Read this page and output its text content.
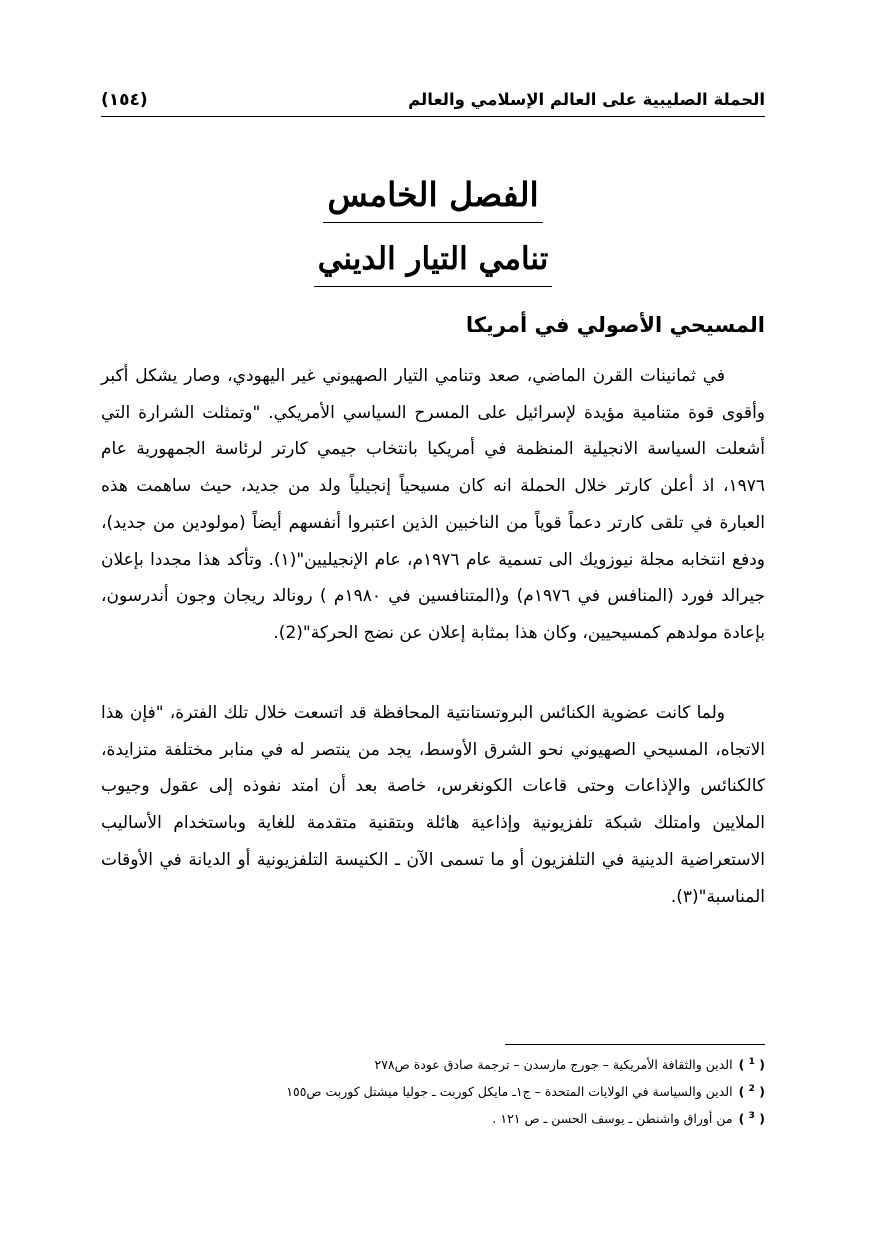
الحملة الصليبية على العالم الإسلامي والعالم
(١٥٤)
الفصل الخامس
تنامي التيار الديني
المسيحي الأصولي في أمريكا

في ثمانينات القرن الماضي، صعد وتنامي التيار الصهيوني غير اليهودي، وصار يشكل أكبر وأقوى قوة متنامية مؤيدة لإسرائيل على المسرح السياسي الأمريكي. "وتمثلت الشرارة التي أشعلت السياسة الانجيلية المنظمة في أمريكيا بانتخاب جيمي كارتر لرئاسة الجمهورية عام ١٩٧٦، اذ أعلن كارتر خلال الحملة انه كان مسيحياً إنجيلياً ولد من جديد، حيث ساهمت هذه العبارة في تلقى كارتر دعماً قوياً من الناخبين الذين اعتبروا أنفسهم أيضاً (مولودين من جديد)، ودفع انتخابه مجلة نيوزويك الى تسمية عام ١٩٧٦م، عام الإنجيليين"(١). وتأكد هذا مجددا بإعلان جيرالد فورد (المنافس في ١٩٧٦م) و(المتنافسين في ١٩٨٠م ) رونالد ريجان وجون أندرسون، بإعادة مولدهم كمسيحيين، وكان هذا بمثابة إعلان عن نضج الحركة"(2).

ولما كانت عضوية الكنائس البروتستانتية المحافظة قد اتسعت خلال تلك الفترة، "فإن هذا الاتجاه، المسيحي الصهيوني نحو الشرق الأوسط، يجد من ينتصر له في منابر مختلفة متزايدة، كالكنائس والإذاعات وحتى قاعات الكونغرس، خاصة بعد أن امتد نفوذه إلى عقول وجيوب الملايين وامتلك شبكة تلفزيونية وإذاعية هائلة وبتقنية متقدمة للغاية وباستخدام الأساليب الاستعراضية الدينية في التلفزيون أو ما تسمى الآن ـ الكنيسة التلفزيونية أو الديانة في الأوقات المناسبة"(٣).

( $^1$ )الدين والثقافة الأمريكية – جورج مارسدن – ترجمة صادق عودة ص٢٧٨
( $^2$ )الدين والسياسة في الولايات المتحدة – ج١ـ مايكل كوربت ـ جوليا ميشتل كوربت ص١٥٥
( $^3$ )من أوراق واشنطن ـ يوسف الحسن ـ ص ١٢١ .
